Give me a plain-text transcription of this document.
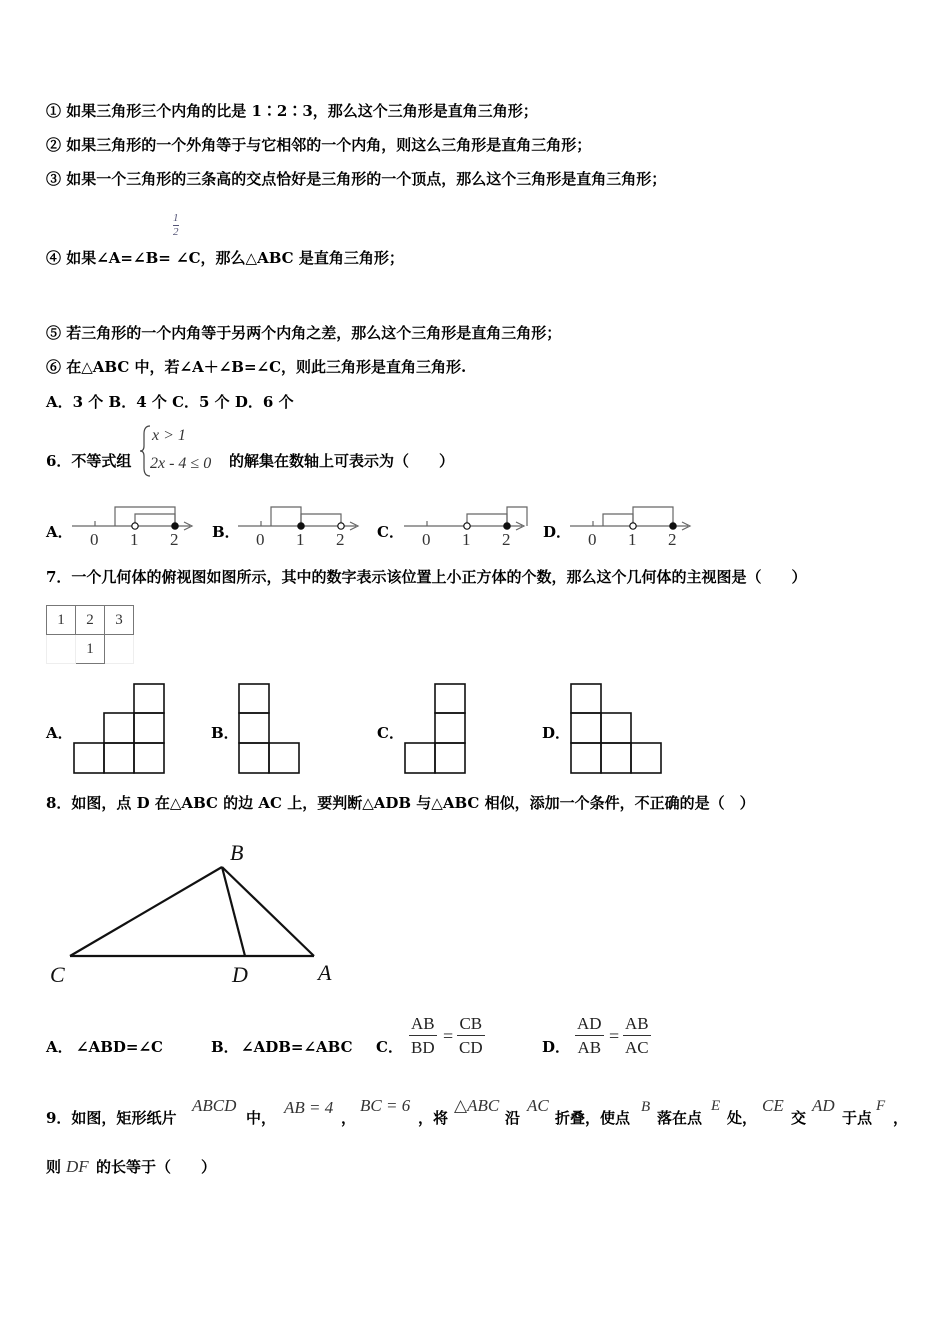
① 如果三角形三个内角的比是 1∶2∶3，那么这个三角形是直角三角形；
② 如果三角形的一个外角等于与它相邻的一个内角，则这么三角形是直角三角形；
③ 如果一个三角形的三条高的交点恰好是三角形的一个顶点，那么这个三角形是直角三角形；
1
2
④ 如果∠A=∠B= ∠C，那么△ABC 是直角三角形；
⑤ 若三角形的一个内角等于另两个内角之差，那么这个三角形是直角三角形；
⑥ 在△ABC 中，若∠A＋∠B=∠C，则此三角形是直角三角形.
A．3 个 B．4 个 C．5 个 D．6 个
6．不等式组
x > 1
2x - 4 ≤ 0 的解集在数轴上可表示为（　　）
A． 0 1 2 B． 0 1 2 C． 0 1 2 D． 0 1 2
7．一个几何体的俯视图如图所示，其中的数字表示该位置上小正方体的个数，那么这个几何体的主视图是（　　）
1	2	3
	1	
A．	B．	C．	D．
8．如图，点 D 在△ABC 的边 AC 上，要判断△ADB 与△ABC 相似，添加一个条件，不正确的是（　）
B
C	D	A
A． ∠ABD=∠C	B． ∠ADB=∠ABC C． $\frac{AB}{BD} = \frac{CB}{CD}$	D． $\frac{AD}{AB} = \frac{AB}{AC}$
9．如图，矩形纸片
ABCD
中，
AB = 4
，
BC = 6
，将
△ABC
沿
AC
折叠，使点
B
落在点
E
处，
CE
交
AD
于点
F
，
则 DF 的长等于（　　）
